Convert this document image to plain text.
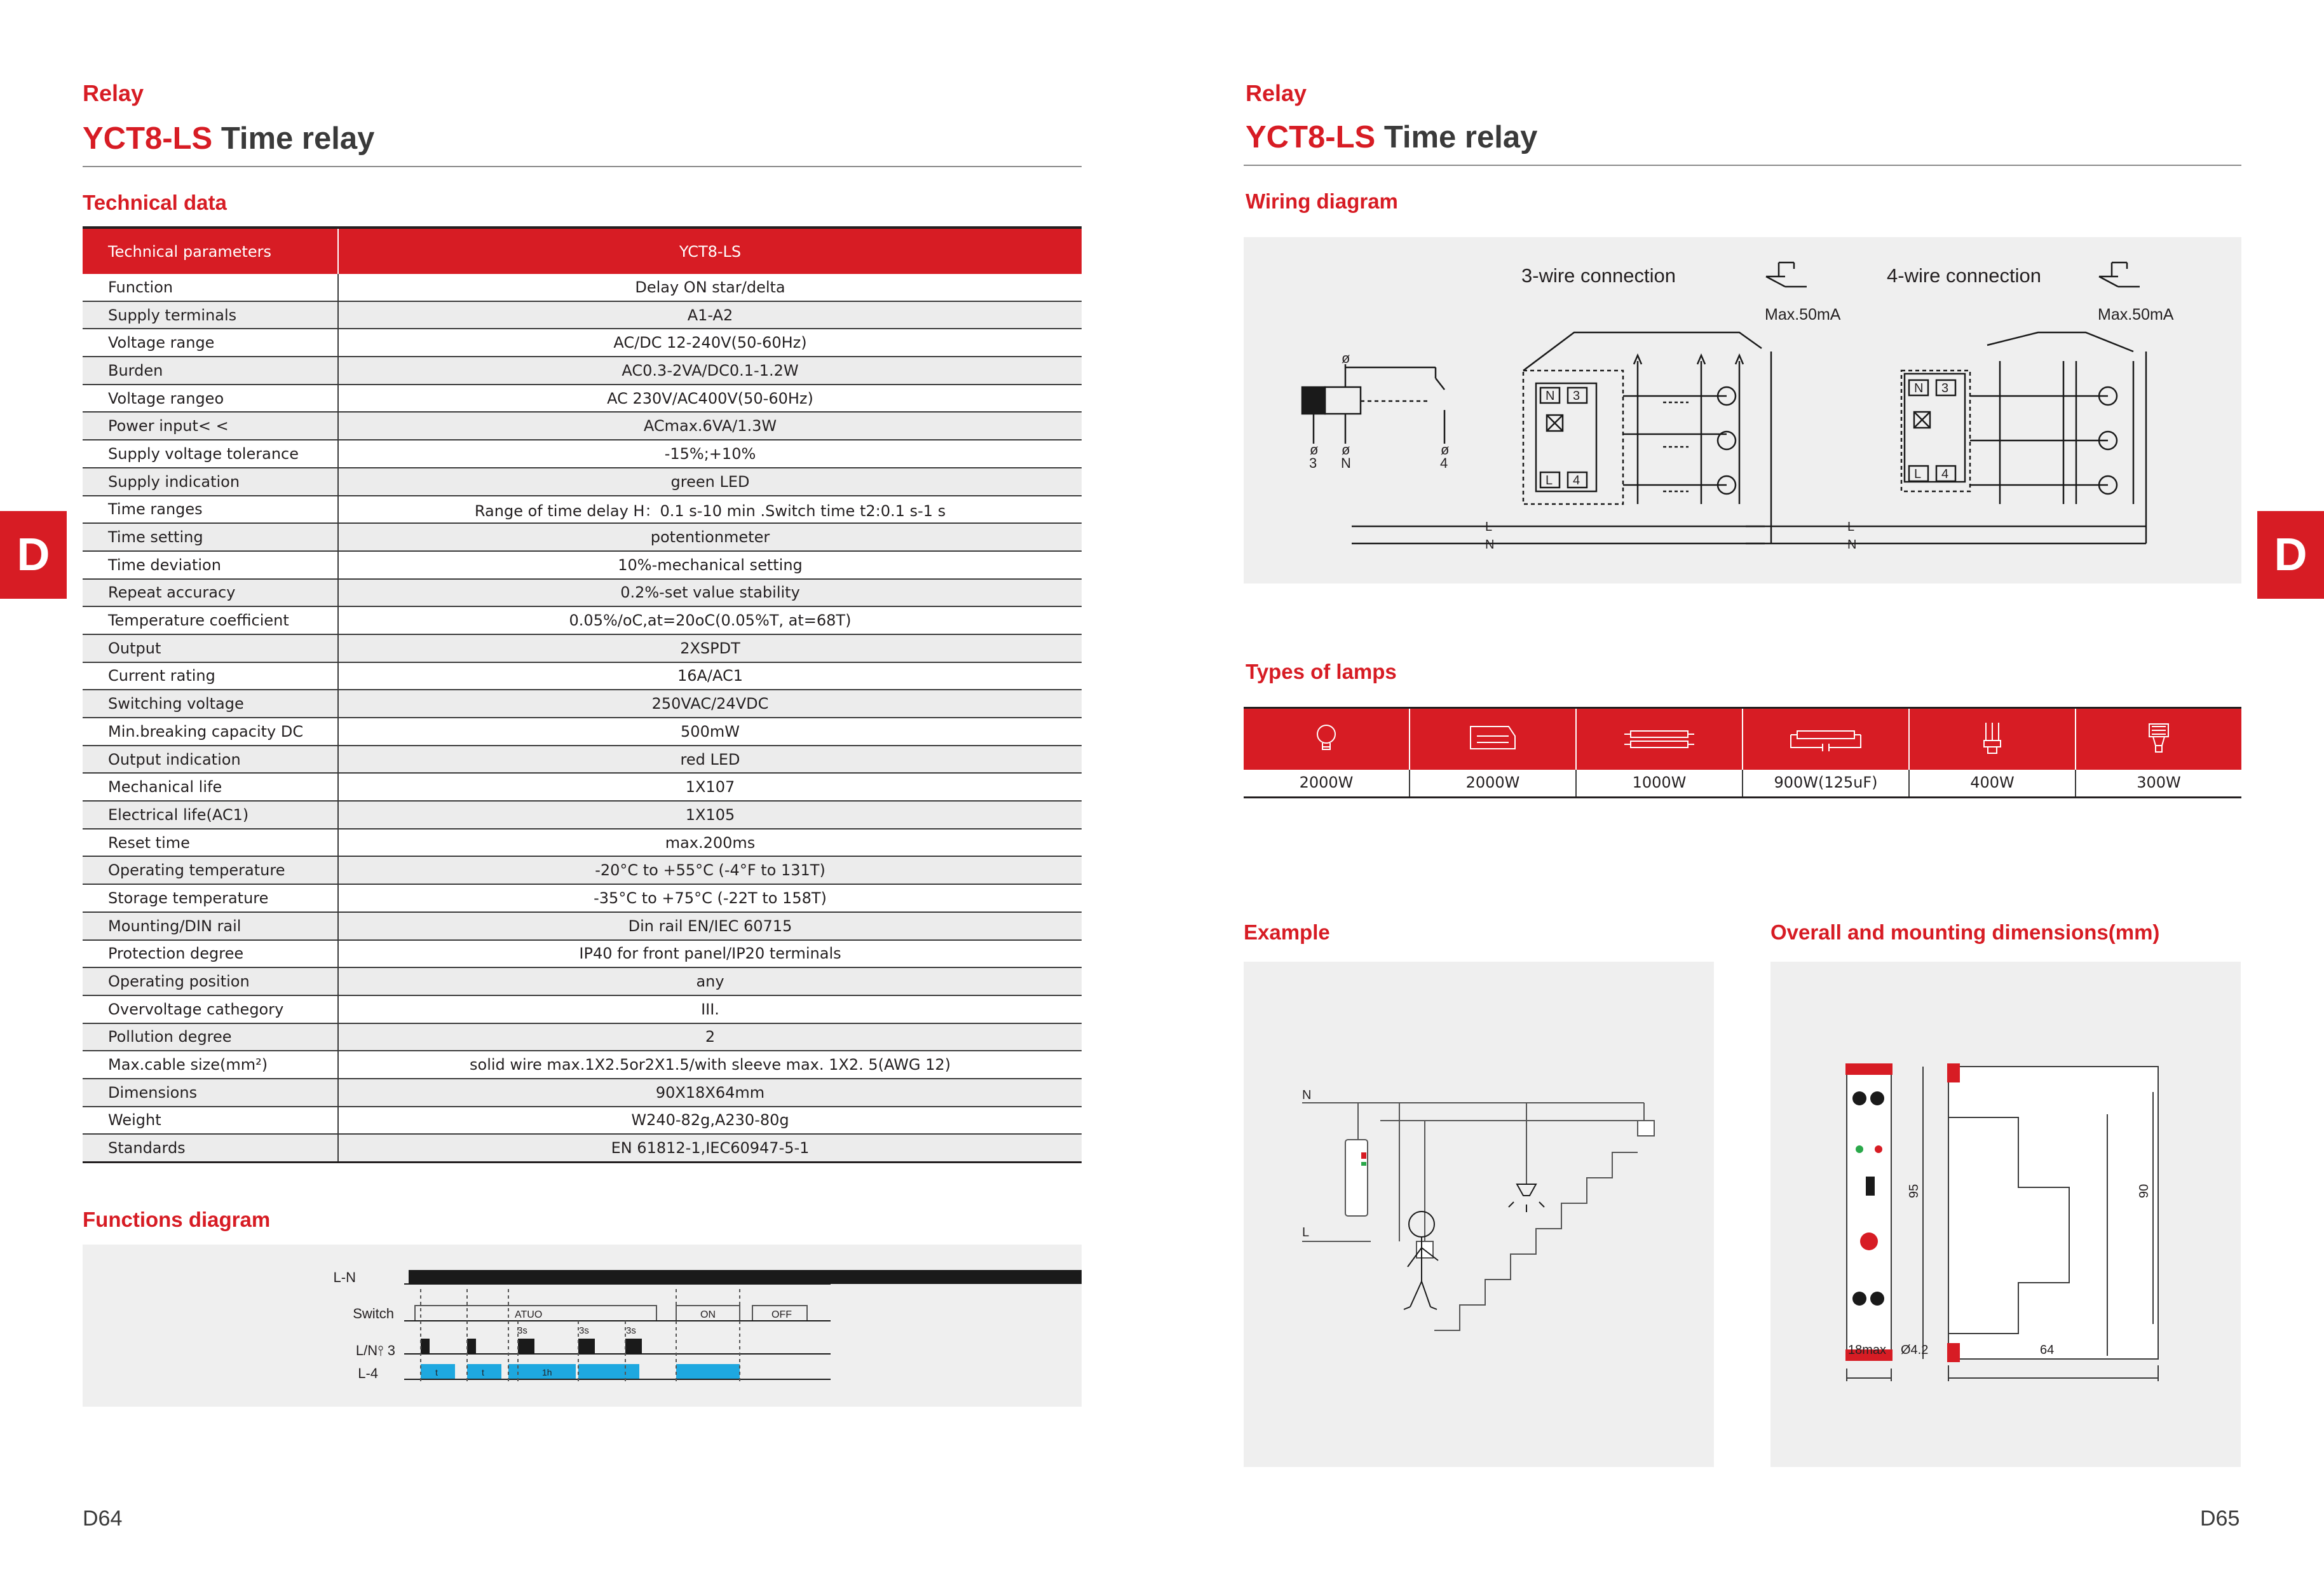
Relay
YCT8-LS Time relay
Technical data
Technical parameters	YCT8-LS
Function	Delay ON star/delta
Supply terminals	A1-A2
Voltage range	AC/DC 12-240V(50-60Hz)
Burden	AC0.3-2VA/DC0.1-1.2W
Voltage rangeo	AC 230V/AC400V(50-60Hz)
Power input< <	ACmax.6VA/1.3W
Supply voltage tolerance	-15%;+10%
Supply indication	green LED
Time ranges	Range of time delay H：0.1 s-10 min .Switch time t2:0.1 s-1 s
Time setting	potentionmeter
Time deviation	10%-mechanical setting
Repeat accuracy	0.2%-set value stability
Temperature coefficient	0.05%/oC,at=20oC(0.05%T, at=68T)
Output	2XSPDT
Current rating	16A/AC1
Switching voltage	250VAC/24VDC
Min.breaking capacity DC	500mW
Output indication	red LED
Mechanical life	1X107
Electrical life(AC1)	1X105
Reset time	max.200ms
Operating temperature	-20°C to +55°C (-4°F to 131T)
Storage temperature	-35°C to +75°C (-22T to 158T)
Mounting/DIN rail	Din rail EN/IEC 60715
Protection degree	IP40 for front panel/IP20 terminals
Operating position	any
Overvoltage cathegory	III.
Pollution degree	2
Max.cable size(mm²)	solid wire max.1X2.5or2X1.5/with sleeve max. 1X2. 5(AWG 12)
Dimensions	90X18X64mm
Weight	W240-82g,A230-80g
Standards	EN 61812-1,IEC60947-5-1
Functions diagram
L-N
Switch
L/N⫯ 3
L-4
ATUO	ON	OFF
3s	3s	3s
t	t	1h
D
D64
Relay
YCT8-LS Time relay
Wiring diagram
ø
ø ø	ø
3 N	4
3-wire connection
Max.50mA
N 3
L 4
L
N
4-wire connection
Max.50mA
N 3
L 4
L
N
Types of lamps
2000W	2000W	1000W	900W(125uF)	400W	300W
Example
N
L
Overall and mounting dimensions(mm)
95	90
64
18max Ø4.2
D
D65
